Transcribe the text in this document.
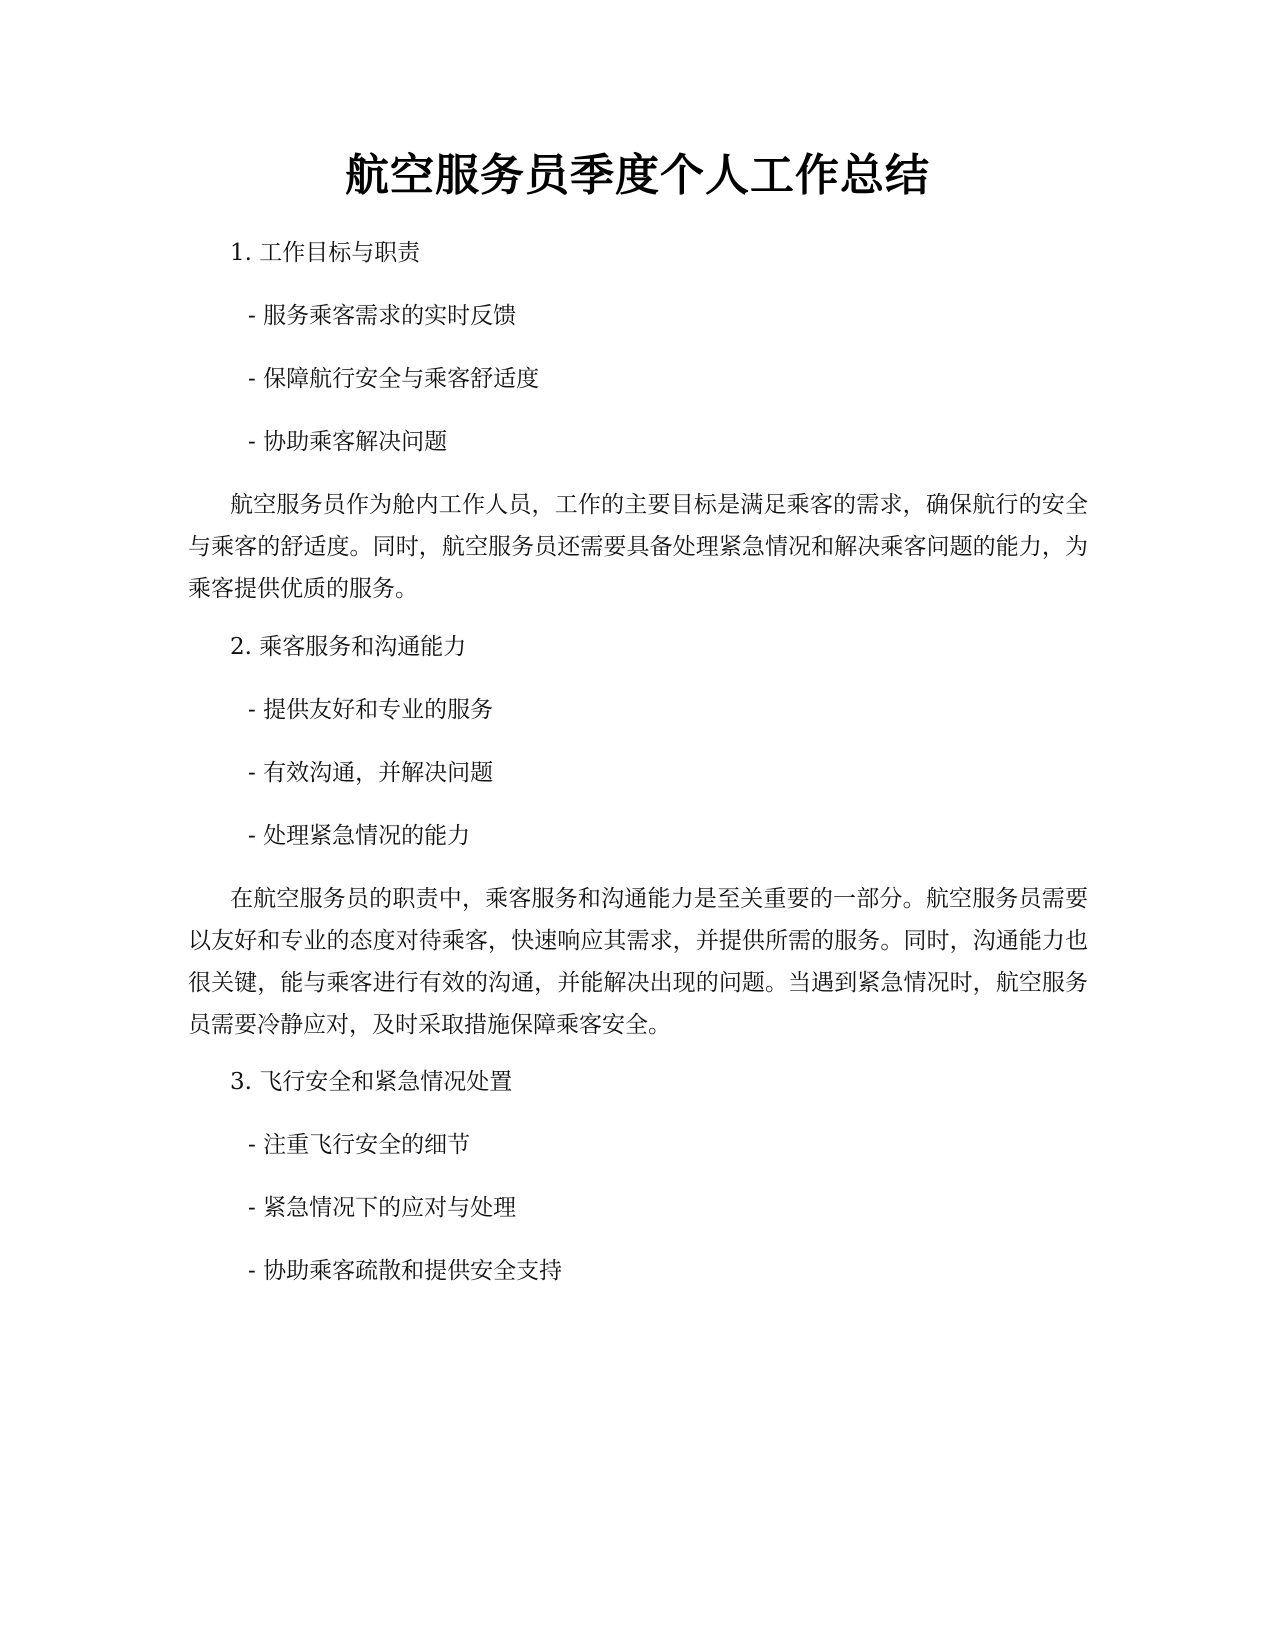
航空服务员季度个人工作总结
1. 工作目标与职责
- 服务乘客需求的实时反馈
- 保障航行安全与乘客舒适度
- 协助乘客解决问题
航空服务员作为舱内工作人员，工作的主要目标是满足乘客的需求，确保航行的安全与乘客的舒适度。同时，航空服务员还需要具备处理紧急情况和解决乘客问题的能力，为乘客提供优质的服务。
2. 乘客服务和沟通能力
- 提供友好和专业的服务
- 有效沟通，并解决问题
- 处理紧急情况的能力
在航空服务员的职责中，乘客服务和沟通能力是至关重要的一部分。航空服务员需要以友好和专业的态度对待乘客，快速响应其需求，并提供所需的服务。同时，沟通能力也很关键，能与乘客进行有效的沟通，并能解决出现的问题。当遇到紧急情况时，航空服务员需要冷静应对，及时采取措施保障乘客安全。
3. 飞行安全和紧急情况处置
- 注重飞行安全的细节
- 紧急情况下的应对与处理
- 协助乘客疏散和提供安全支持
